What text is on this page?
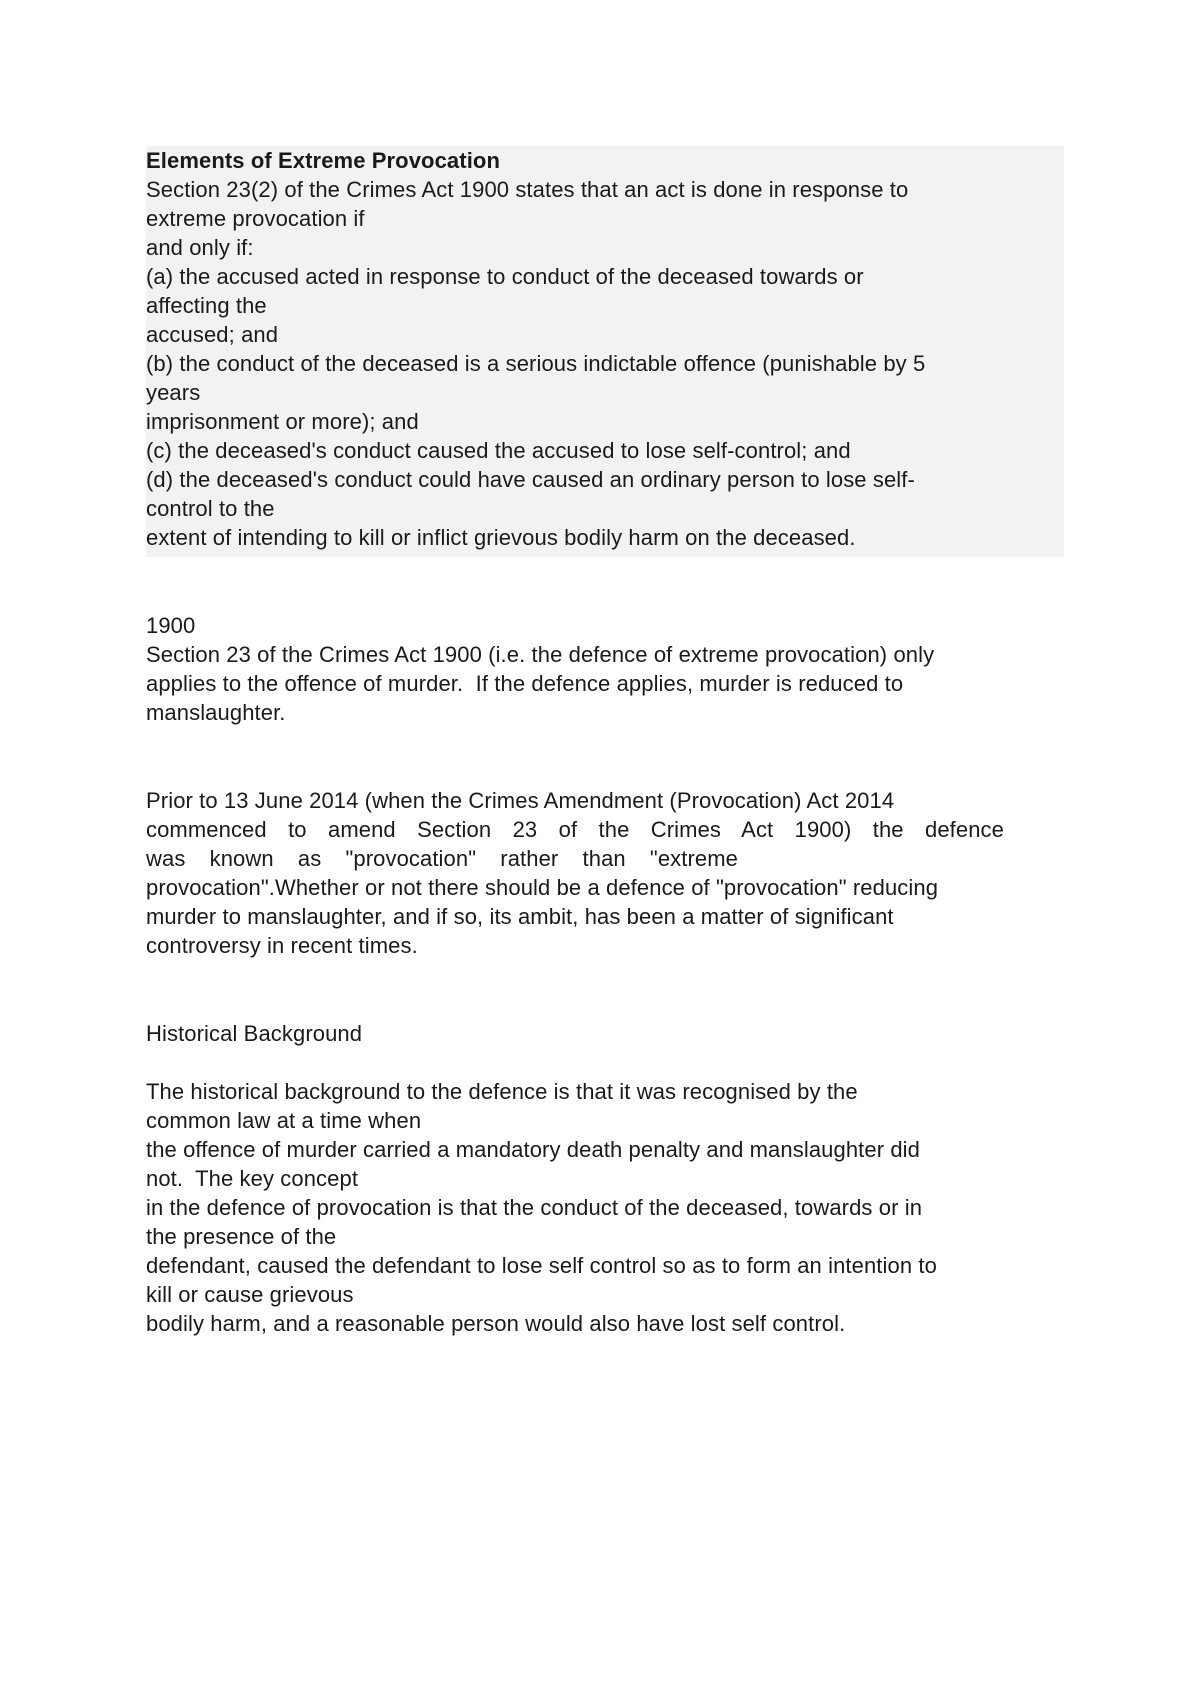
Elements of Extreme Provocation
Section 23(2) of the Crimes Act 1900 states that an act is done in response to
extreme provocation if
and only if:
(a) the accused acted in response to conduct of the deceased towards or
affecting the
accused; and
(b) the conduct of the deceased is a serious indictable offence (punishable by 5
years
imprisonment or more); and
(c) the deceased's conduct caused the accused to lose self-control; and
(d) the deceased's conduct could have caused an ordinary person to lose self-
control to the
extent of intending to kill or inflict grievous bodily harm on the deceased.
1900
Section 23 of the Crimes Act 1900 (i.e. the defence of extreme provocation) only
applies to the offence of murder.  If the defence applies, murder is reduced to
manslaughter.
Prior to 13 June 2014 (when the Crimes Amendment (Provocation) Act 2014
commenced to amend Section 23 of the Crimes Act 1900) the defence
was known as "provocation" rather than "extreme
provocation".Whether or not there should be a defence of "provocation" reducing
murder to manslaughter, and if so, its ambit, has been a matter of significant
controversy in recent times.
Historical Background
The historical background to the defence is that it was recognised by the
common law at a time when
the offence of murder carried a mandatory death penalty and manslaughter did
not.  The key concept
in the defence of provocation is that the conduct of the deceased, towards or in
the presence of the
defendant, caused the defendant to lose self control so as to form an intention to
kill or cause grievous
bodily harm, and a reasonable person would also have lost self control.
